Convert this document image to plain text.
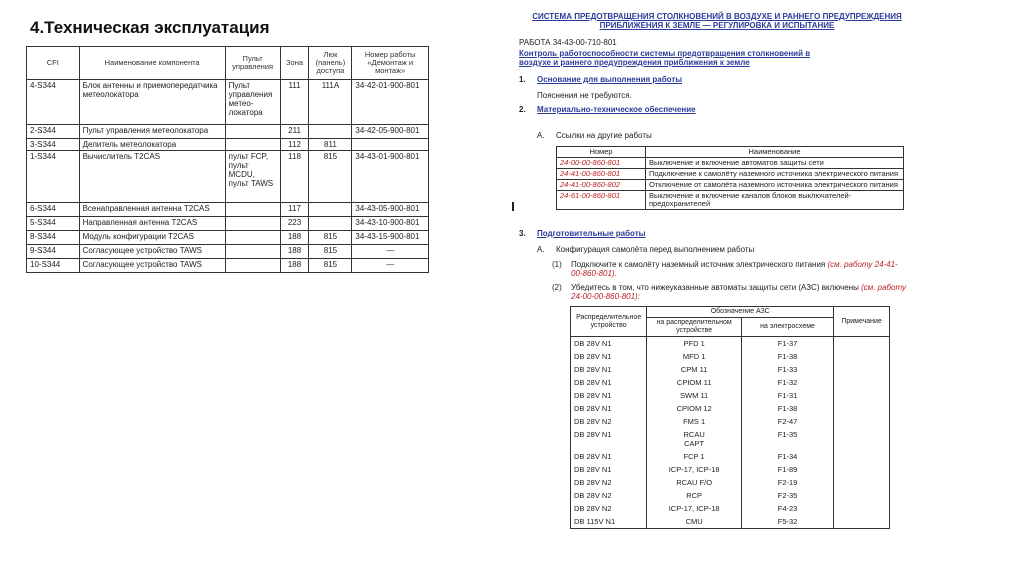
4.Техническая эксплуатация
CFI	Наименование компонента	Пульт управления	Зона	Люк (панель) доступа	Номер работы «Демонтаж и монтаж»
4-S344	Блок антенны и приемопередатчика метеолокатора	Пульт управления метео-локатора	111	111A	34-42-01-900-801
2-S344	Пульт управления метеолокатора		211		34-42-05-900-801
3-S344	Делитель метеолокатора		112	811	
1-S344	Вычислитель T2CAS	пульт FCP, пульт MCDU, пульт TAWS	118	815	34-43-01-900-801
6-S344	Всенаправленная антенна T2CAS		117		34-43-05-900-801
5-S344	Направленная антенна T2CAS		223		34-43-10-900-801
8-S344	Модуль конфигурации T2CAS		188	815	34-43-15-900-801
9-S344	Согласующее устройство TAWS		188	815	—
10-S344	Согласующее устройство TAWS		188	815	—
СИСТЕМА ПРЕДОТВРАЩЕНИЯ СТОЛКНОВЕНИЙ В ВОЗДУХЕ И РАННЕГО ПРЕДУПРЕЖДЕНИЯ
ПРИБЛИЖЕНИЯ К ЗЕМЛЕ — РЕГУЛИРОВКА И ИСПЫТАНИЕ
РАБОТА 34-43-00-710-801
Контроль работоспособности системы предотвращения столкновений в
воздухе и раннего предупреждения приближения к земле
1. Основание для выполнения работы
Пояснения не требуются.
2. Материально-техническое обеспечение
A. Ссылки на другие работы
Номер	Наименование
24-00-00-860-801	Выключение и включение автоматов защиты сети
24-41-00-860-801	Подключение к самолёту наземного источника электрического питания
24-41-00-860-802	Отключение от самолёта наземного источника электрического питания
24-61-00-860-801	Выключение и включение каналов блоков выключателей-предохранителей
3. Подготовительные работы
A. Конфигурация самолёта перед выполнением работы
(1) Подключите к самолёту наземный источник электрического питания (см. работу 24-41-00-860-801).
(2) Убедитесь в том, что нижеуказанные автоматы защиты сети (АЗС) включены (см. работу 24-00-00-860-801):
Распределительное устройство	Обозначение АЗС		Примечание
	на распределительном устройстве	на электросхеме	
DB 28V N1	PFD 1	F1-37	
DB 28V N1	MFD 1	F1-38	
DB 28V N1	CPM 11	F1-33	
DB 28V N1	CPIOM 11	F1-32	
DB 28V N1	SWM 11	F1-31	
DB 28V N1	CPIOM 12	F1-38	
DB 28V N2	FMS 1	F2-47	
DB 28V N1	RCAU CAPT	F1-35	
DB 28V N1	FCP 1	F1-34	
DB 28V N1	ICP-17, ICP-18	F1-89	
DB 28V N2	RCAU F/O	F2-19	
DB 28V N2	RCP	F2-35	
DB 28V N2	ICP-17, ICP-18	F4-23	
DB 115V N1	CMU	F5-32	
